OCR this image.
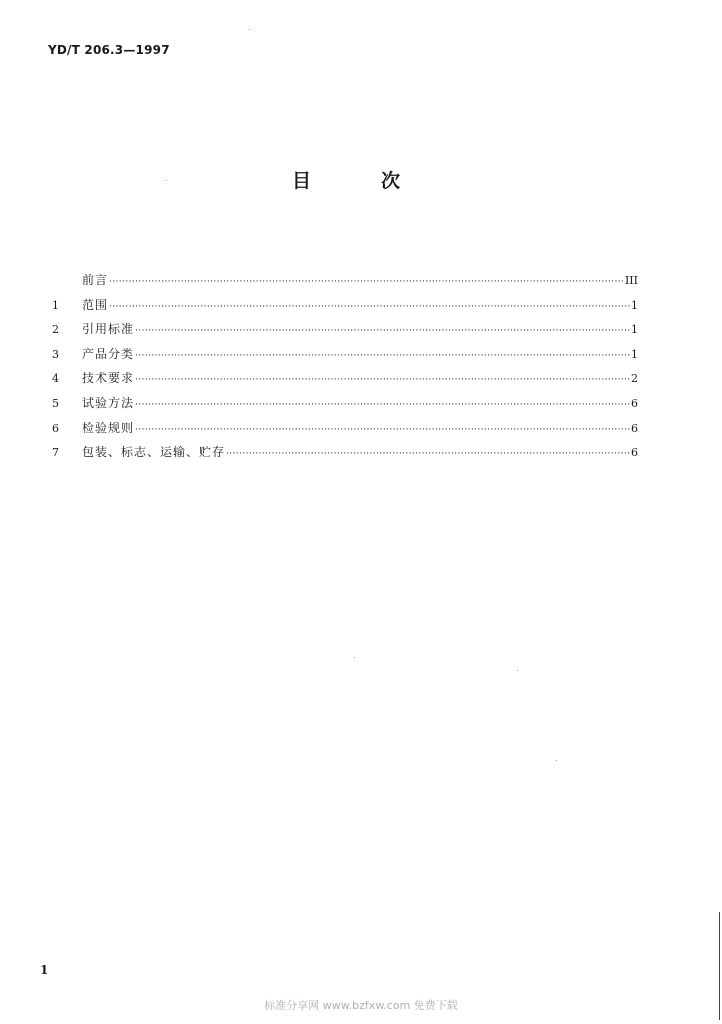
YD/T 206.3—1997
目	次
前言 ·····	III
1	范围 ·····	1
2	引用标准 ·····	1
3	产品分类 ·····	1
4	技术要求 ·····	2
5	试验方法 ·····	6
6	检验规则 ·····	6
7	包装、标志、运输、贮存 ·····	6
1
标准分享网 www.bzfxw.com 免费下载
